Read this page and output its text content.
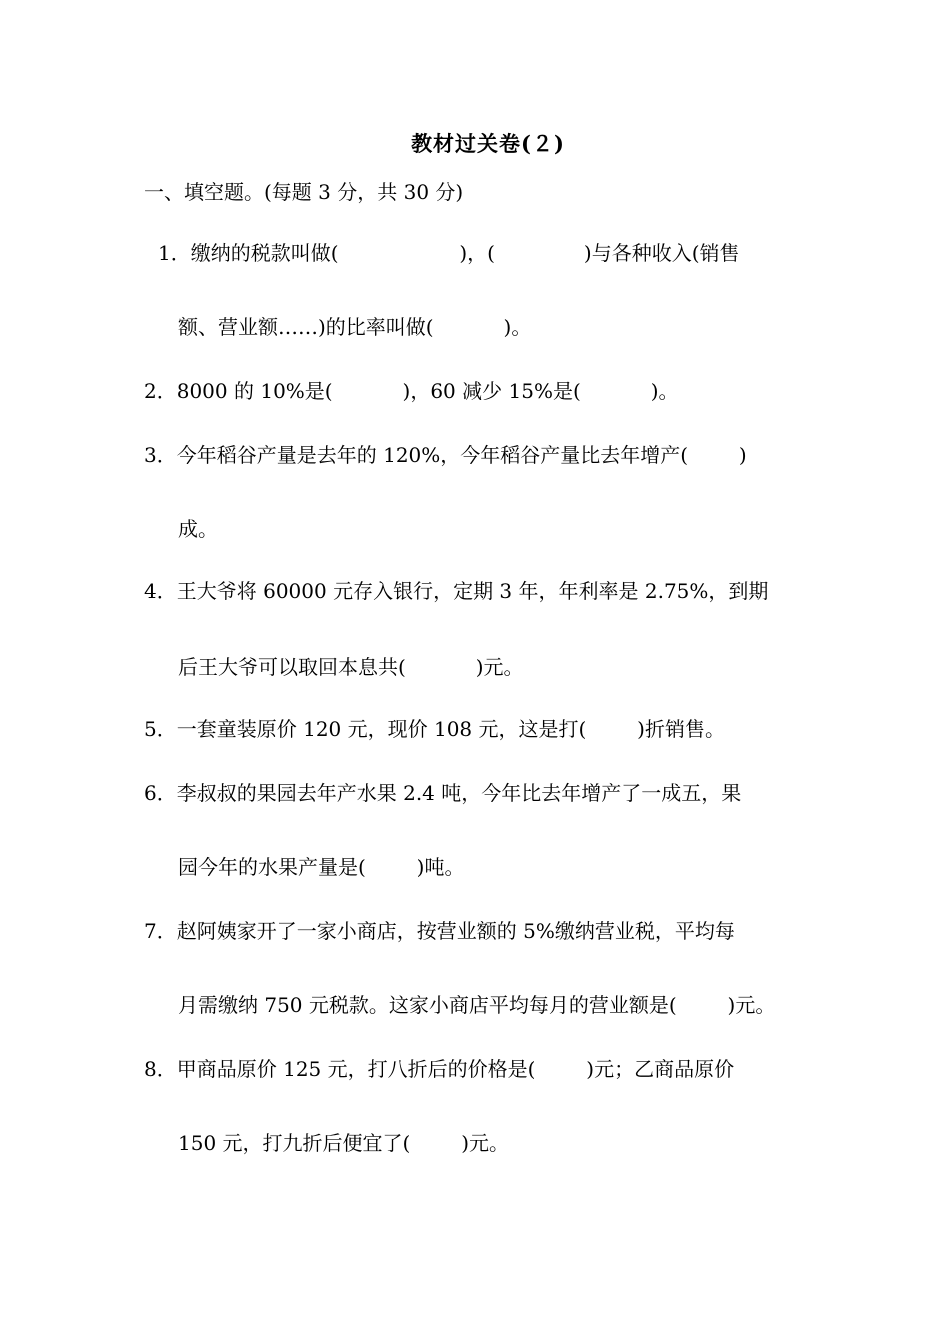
教材过关卷(２)
一、填空题。(每题 3 分，共 30 分)
1．缴纳的税款叫做(                   )，(              )与各种收入(销售
额、营业额……)的比率叫做(           )。
2．8000 的 10%是(           )，60 减少 15%是(           )。
3．今年稻谷产量是去年的 120%，今年稻谷产量比去年增产(        )
成。
4．王大爷将 60000 元存入银行，定期 3 年，年利率是 2.75%，到期
后王大爷可以取回本息共(           )元。
5．一套童装原价 120 元，现价 108 元，这是打(        )折销售。
6．李叔叔的果园去年产水果 2.4 吨，今年比去年增产了一成五，果
园今年的水果产量是(        )吨。
7．赵阿姨家开了一家小商店，按营业额的 5%缴纳营业税，平均每
月需缴纳 750 元税款。这家小商店平均每月的营业额是(        )元。
8．甲商品原价 125 元，打八折后的价格是(        )元；乙商品原价
150 元，打九折后便宜了(        )元。
